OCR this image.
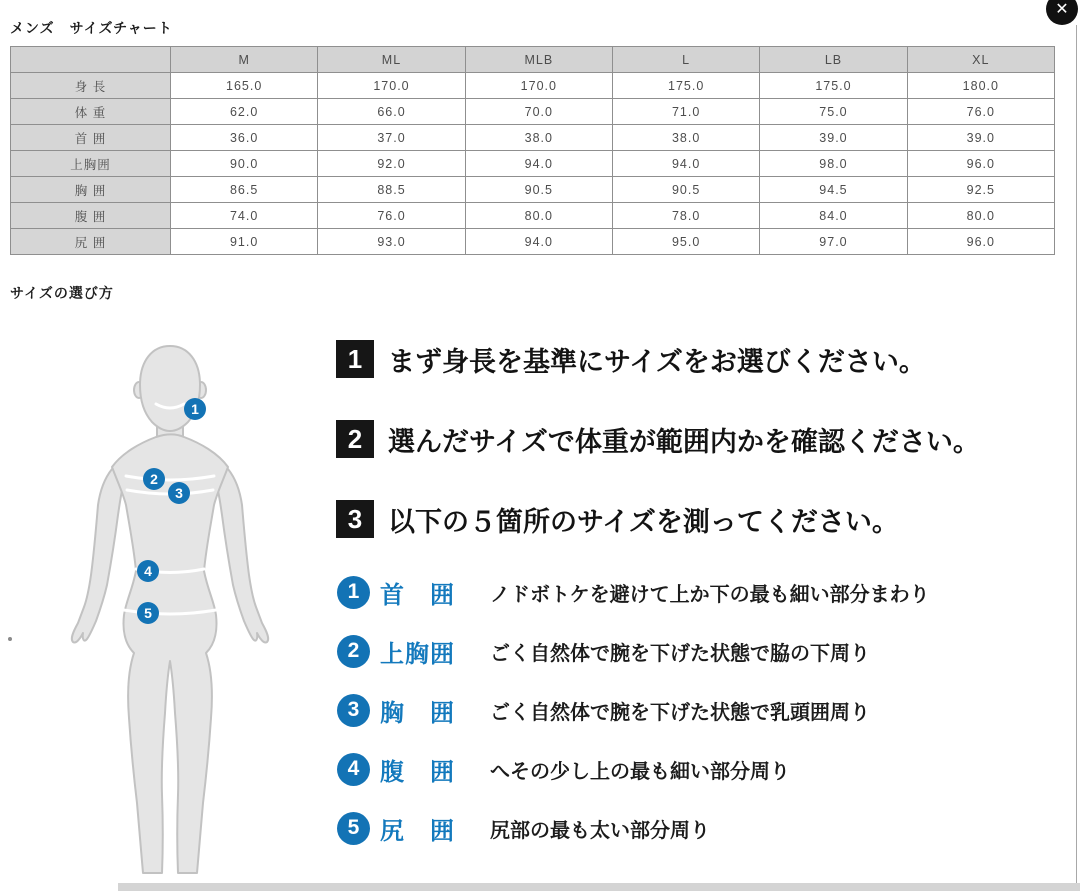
メンズ　サイズチャート
	M	ML	MLB	L	LB	XL
身 長	165.0	170.0	170.0	175.0	175.0	180.0
体 重	62.0	66.0	70.0	71.0	75.0	76.0
首 囲	36.0	37.0	38.0	38.0	39.0	39.0
上胸囲	90.0	92.0	94.0	94.0	98.0	96.0
胸 囲	86.5	88.5	90.5	90.5	94.5	92.5
腹 囲	74.0	76.0	80.0	78.0	84.0	80.0
尻 囲	91.0	93.0	94.0	95.0	97.0	96.0
サイズの選び方
1
2
3
4
5
1 まず身長を基準にサイズをお選びください。
2 選んだサイズで体重が範囲内かを確認ください。
3 以下の５箇所のサイズを測ってください。
1 首　囲	ノドボトケを避けて上か下の最も細い部分まわり
2 上胸囲	ごく自然体で腕を下げた状態で脇の下周り
3 胸　囲	ごく自然体で腕を下げた状態で乳頭囲周り
4 腹　囲	へその少し上の最も細い部分周り
5 尻　囲	尻部の最も太い部分周り
✕
